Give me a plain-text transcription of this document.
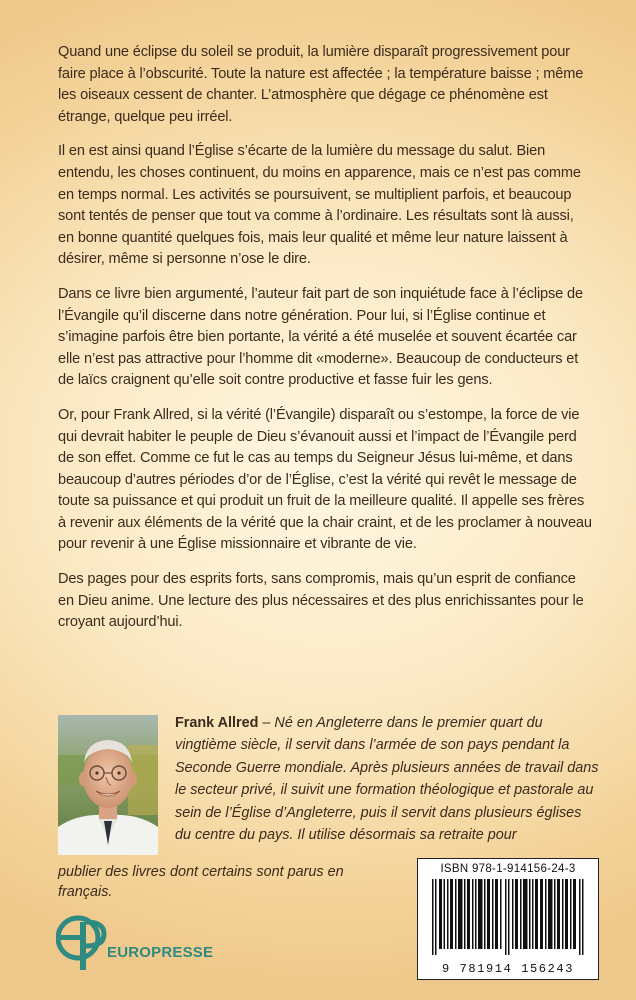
Quand une éclipse du soleil se produit, la lumière disparaît progressivement pour faire place à l’obscurité. Toute la nature est affectée ; la température baisse ; même les oiseaux cessent de chanter. L’atmosphère que dégage ce phénomène est étrange, quelque peu irréel.

Il en est ainsi quand l’Église s’écarte de la lumière du message du salut. Bien entendu, les choses continuent, du moins en apparence, mais ce n’est pas comme en temps normal. Les activités se poursuivent, se multiplient parfois, et beaucoup sont tentés de penser que tout va comme à l’ordinaire. Les résultats sont là aussi, en bonne quantité quelques fois, mais leur qualité et même leur nature laissent à désirer, même si personne n’ose le dire.

Dans ce livre bien argumenté, l’auteur fait part de son inquiétude face à l’éclipse de l’Évangile qu’il discerne dans notre génération. Pour lui, si l’Église continue et s’imagine parfois être bien portante, la vérité a été muselée et souvent écartée car elle n’est pas attractive pour l’homme dit «moderne». Beaucoup de conducteurs et de laïcs craignent qu’elle soit contre productive et fasse fuir les gens.

Or, pour Frank Allred, si la vérité (l’Évangile) disparaît ou s’estompe, la force de vie qui devrait habiter le peuple de Dieu s’évanouit aussi et l’impact de l’Évangile perd de son effet. Comme ce fut le cas au temps du Seigneur Jésus lui-même, et dans beaucoup d’autres périodes d’or de l’Église, c’est la vérité qui revêt le message de toute sa puissance et qui produit un fruit de la meilleure qualité. Il appelle ses frères à revenir aux éléments de la vérité que la chair craint, et de les proclamer à nouveau pour revenir à une Église missionnaire et vibrante de vie.

Des pages pour des esprits forts, sans compromis, mais qu’un esprit de confiance en Dieu anime. Une lecture des plus nécessaires et des plus enrichissantes pour le croyant aujourd’hui.

Frank Allred – Né en Angleterre dans le premier quart du vingtième siècle, il servit dans l’armée de son pays pendant la Seconde Guerre mondiale. Après plusieurs années de travail dans le secteur privé, il suivit une formation théologique et pastorale au sein de l’Église d’Angleterre, puis il servit dans plusieurs églises du centre du pays. Il utilise désormais sa retraite pour
publier des livres dont certains sont parus en français.
ISBN 978-1-914156-24-3
9 781914 156243
EUROPRESSE
